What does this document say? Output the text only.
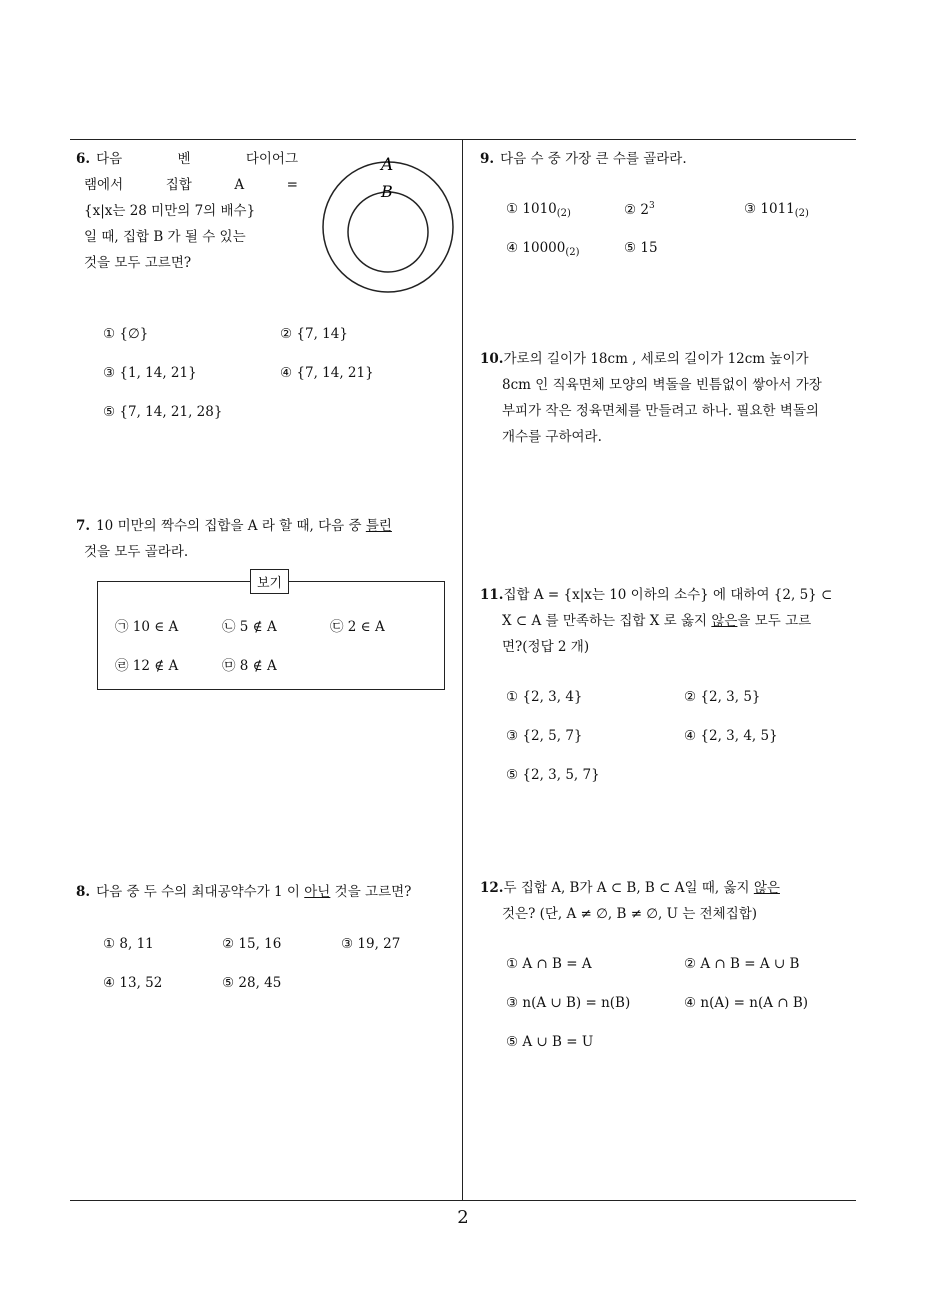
6. 다음 벤 다이어그
램에서 집합 A =
{x|x는 28 미만의 7의 배수}
일 때, 집합 B 가 될 수 있는
것을 모두 고르면?
A
B
① {∅}	② {7, 14}
③ {1, 14, 21}	④ {7, 14, 21}
⑤ {7, 14, 21, 28}
7. 10 미만의 짝수의 집합을 A 라 할 때, 다음 중 틀린
것을 모두 골라라.
보기
㉠ 10 ∈ A	㉡ 5 ∉ A	㉢ 2 ∈ A
㉣ 12 ∉ A	㉤ 8 ∉ A
8. 다음 중 두 수의 최대공약수가 1 이 아닌 것을 고르면?
① 8, 11	② 15, 16	③ 19, 27
④ 13, 52	⑤ 28, 45
9. 다음 수 중 가장 큰 수를 골라라.
① $1010_{(2)}$	② $2^3$	③ $1011_{(2)}$
④ $10000_{(2)}$	⑤ 15
10.가로의 길이가 18cm , 세로의 길이가 12cm 높이가
8cm 인 직육면체 모양의 벽돌을 빈틈없이 쌓아서 가장
부피가 작은 정육면체를 만들려고 하나. 필요한 벽돌의
개수를 구하여라.
11.집합 A = {x|x는 10 이하의 소수} 에 대하여 {2, 5} ⊂
X ⊂ A 를 만족하는 집합 X 로 옳지 않은을 모두 고르
면?(정답 2 개)
① {2, 3, 4}	② {2, 3, 5}
③ {2, 5, 7}	④ {2, 3, 4, 5}
⑤ {2, 3, 5, 7}
12.두 집합 A, B가 A ⊂ B, B ⊂ A일 때, 옳지 않은
것은? (단, A ≠ ∅, B ≠ ∅, U 는 전체집합)
① A ∩ B = A	② A ∩ B = A ∪ B
③ n(A ∪ B) = n(B)	④ n(A) = n(A ∩ B)
⑤ A ∪ B = U
2
